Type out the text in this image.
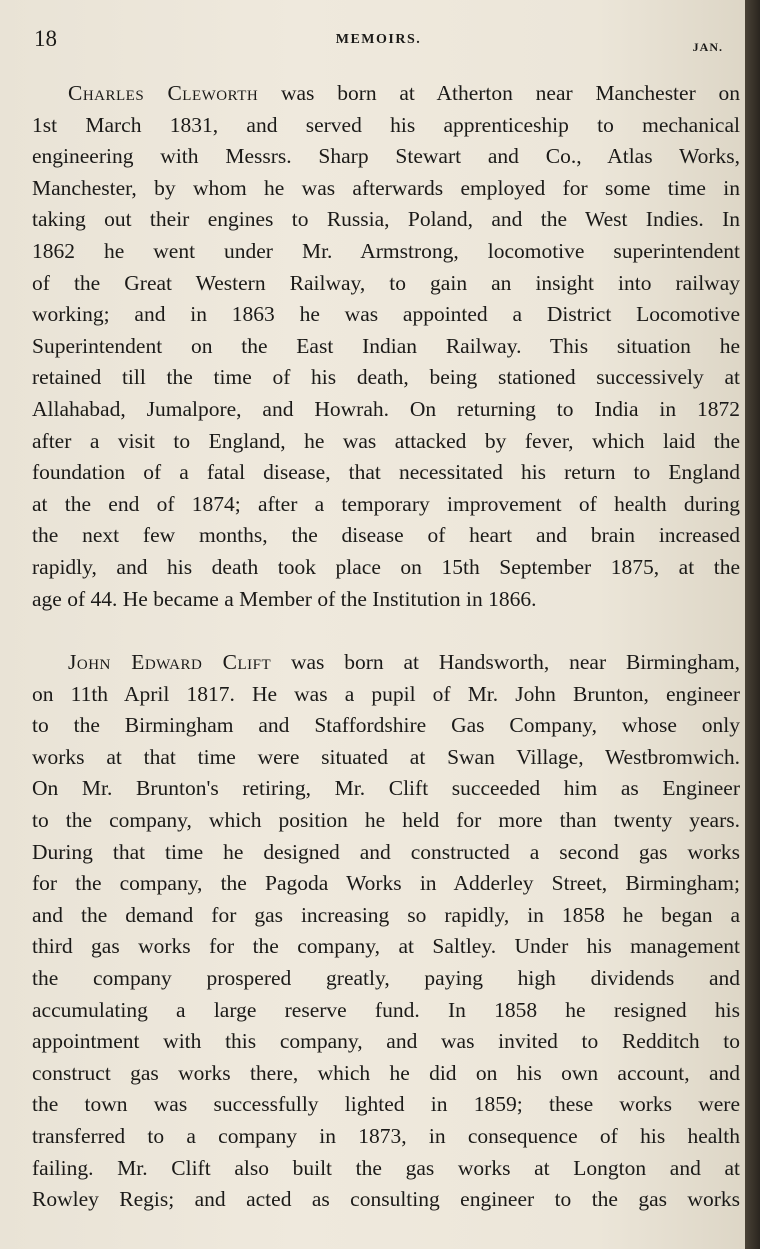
18	MEMOIRS.	JAN.
Charles Cleworth was born at Atherton near Manchester on
1st March 1831, and served his apprenticeship to mechanical
engineering with Messrs. Sharp Stewart and Co., Atlas Works,
Manchester, by whom he was afterwards employed for some time in
taking out their engines to Russia, Poland, and the West Indies. In
1862 he went under Mr. Armstrong, locomotive superintendent
of the Great Western Railway, to gain an insight into railway
working; and in 1863 he was appointed a District Locomotive
Superintendent on the East Indian Railway. This situation he
retained till the time of his death, being stationed successively at
Allahabad, Jumalpore, and Howrah. On returning to India in 1872
after a visit to England, he was attacked by fever, which laid the
foundation of a fatal disease, that necessitated his return to England
at the end of 1874; after a temporary improvement of health during
the next few months, the disease of heart and brain increased
rapidly, and his death took place on 15th September 1875, at the
age of 44. He became a Member of the Institution in 1866.
John Edward Clift was born at Handsworth, near Birmingham,
on 11th April 1817. He was a pupil of Mr. John Brunton, engineer
to the Birmingham and Staffordshire Gas Company, whose only
works at that time were situated at Swan Village, Westbromwich.
On Mr. Brunton's retiring, Mr. Clift succeeded him as Engineer
to the company, which position he held for more than twenty years.
During that time he designed and constructed a second gas works
for the company, the Pagoda Works in Adderley Street, Birmingham;
and the demand for gas increasing so rapidly, in 1858 he began a
third gas works for the company, at Saltley. Under his management
the company prospered greatly, paying high dividends and
accumulating a large reserve fund. In 1858 he resigned his
appointment with this company, and was invited to Redditch to
construct gas works there, which he did on his own account, and
the town was successfully lighted in 1859; these works were
transferred to a company in 1873, in consequence of his health
failing. Mr. Clift also built the gas works at Longton and at
Rowley Regis; and acted as consulting engineer to the gas works
